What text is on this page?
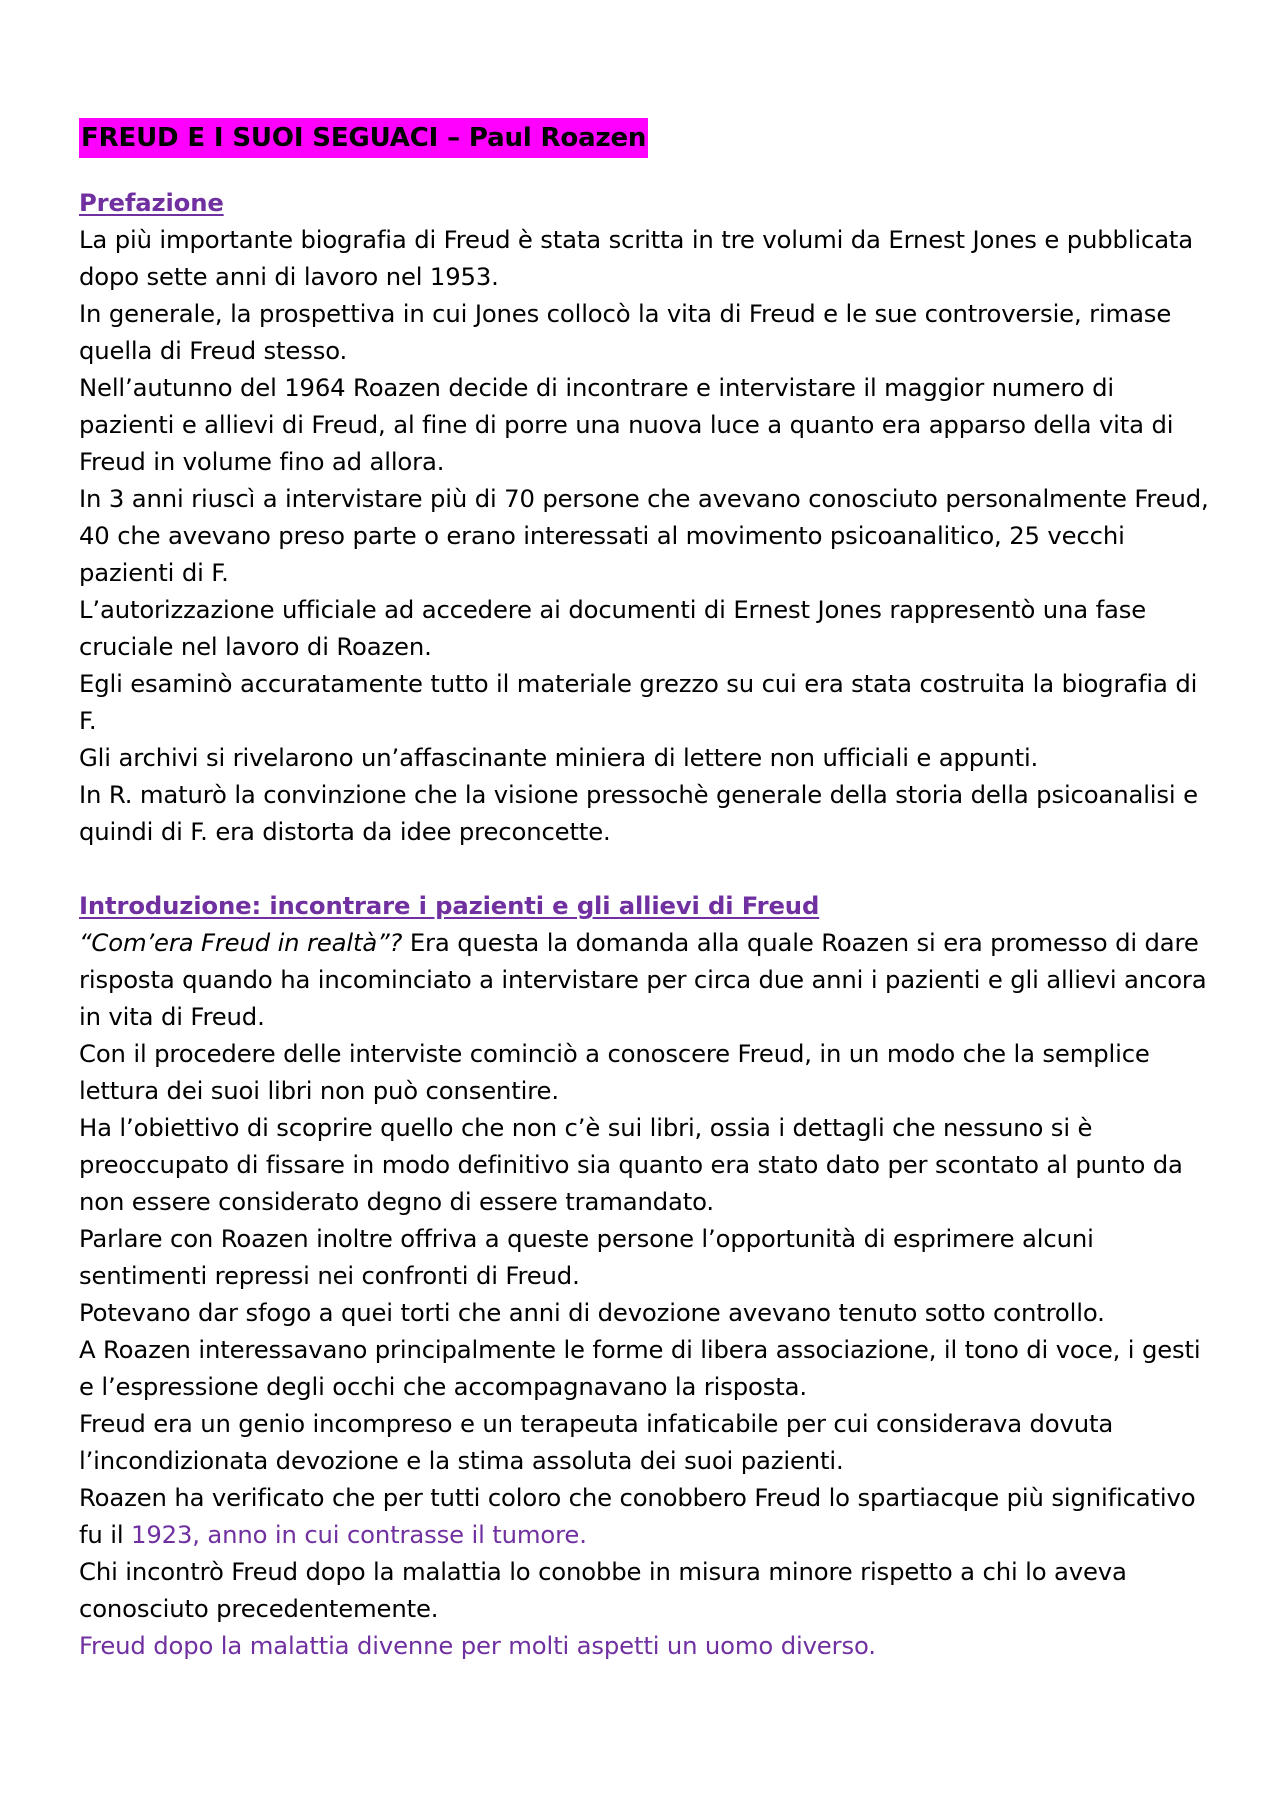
FREUD E I SUOI SEGUACI – Paul Roazen

Prefazione

La più importante biografia di Freud è stata scritta in tre volumi da Ernest Jones e pubblicata dopo sette anni di lavoro nel 1953.

In generale, la prospettiva in cui Jones collocò la vita di Freud e le sue controversie, rimase quella di Freud stesso.

Nell’autunno del 1964 Roazen decide di incontrare e intervistare il maggior numero di pazienti e allievi di Freud, al fine di porre una nuova luce a quanto era apparso della vita di Freud in volume fino ad allora.

In 3 anni riuscì a intervistare più di 70 persone che avevano conosciuto personalmente Freud, 40 che avevano preso parte o erano interessati al movimento psicoanalitico, 25 vecchi pazienti di F.

L’autorizzazione ufficiale ad accedere ai documenti di Ernest Jones rappresentò una fase cruciale nel lavoro di Roazen.

Egli esaminò accuratamente tutto il materiale grezzo su cui era stata costruita la biografia di F.

Gli archivi si rivelarono un’affascinante miniera di lettere non ufficiali e appunti.

In R. maturò la convinzione che la visione pressochè generale della storia della psicoanalisi e quindi di F. era distorta da idee preconcette.

Introduzione: incontrare i pazienti e gli allievi di Freud

“Com’era Freud in realtà”? Era questa la domanda alla quale Roazen si era promesso di dare risposta quando ha incominciato a intervistare per circa due anni i pazienti e gli allievi ancora in vita di Freud.

Con il procedere delle interviste cominciò a conoscere Freud, in un modo che la semplice lettura dei suoi libri non può consentire.

Ha l’obiettivo di scoprire quello che non c’è sui libri, ossia i dettagli che nessuno si è preoccupato di fissare in modo definitivo sia quanto era stato dato per scontato al punto da non essere considerato degno di essere tramandato.

Parlare con Roazen inoltre offriva a queste persone l’opportunità di esprimere alcuni sentimenti repressi nei confronti di Freud.

Potevano dar sfogo a quei torti che anni di devozione avevano tenuto sotto controllo.

A Roazen interessavano principalmente le forme di libera associazione, il tono di voce, i gesti e l’espressione degli occhi che accompagnavano la risposta.

Freud era un genio incompreso e un terapeuta infaticabile per cui considerava dovuta l’incondizionata devozione e la stima assoluta dei suoi pazienti.

Roazen ha verificato che per tutti coloro che conobbero Freud lo spartiacque più significativo fu il 1923, anno in cui contrasse il tumore.

Chi incontrò Freud dopo la malattia lo conobbe in misura minore rispetto a chi lo aveva conosciuto precedentemente.

Freud dopo la malattia divenne per molti aspetti un uomo diverso.
